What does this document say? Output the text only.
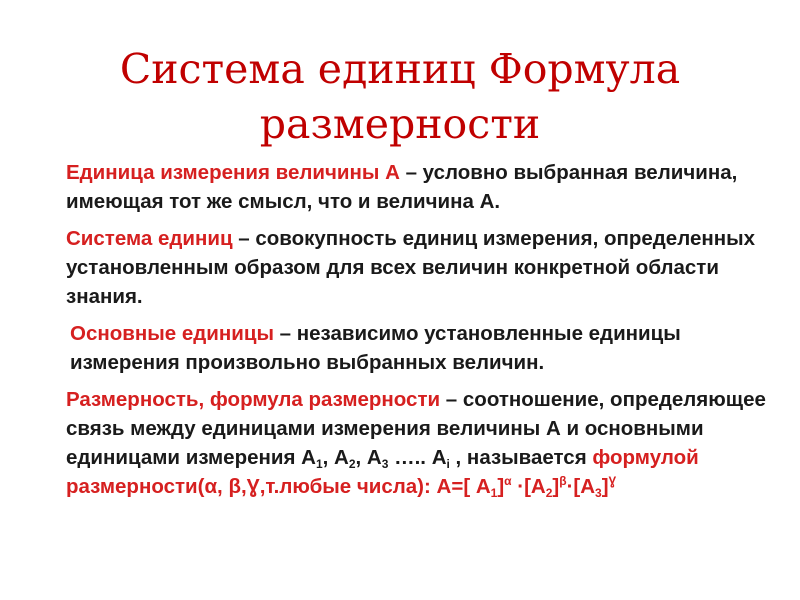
Система единиц Формула
размерности

Единица измерения величины А – условно выбранная величина, имеющая тот же смысл, что и величина А.

Система единиц – совокупность единиц измерения, определенных установленным образом для всех величин конкретной области знания.

Основные единицы – независимо установленные единицы измерения произвольно выбранных величин.

Размерность, формула размерности – соотношение, определяющее связь между единицами измерения величины А и основными единицами измерения $А_1$, $А_2$, $А_3$ ….. $А_i$ , называется формулой размерности(α, β,Ɣ,т.любые числа): А=[ $А_1]^\alpha \cdot[А_2]^\beta\cdot[А_3]^Ɣ$
